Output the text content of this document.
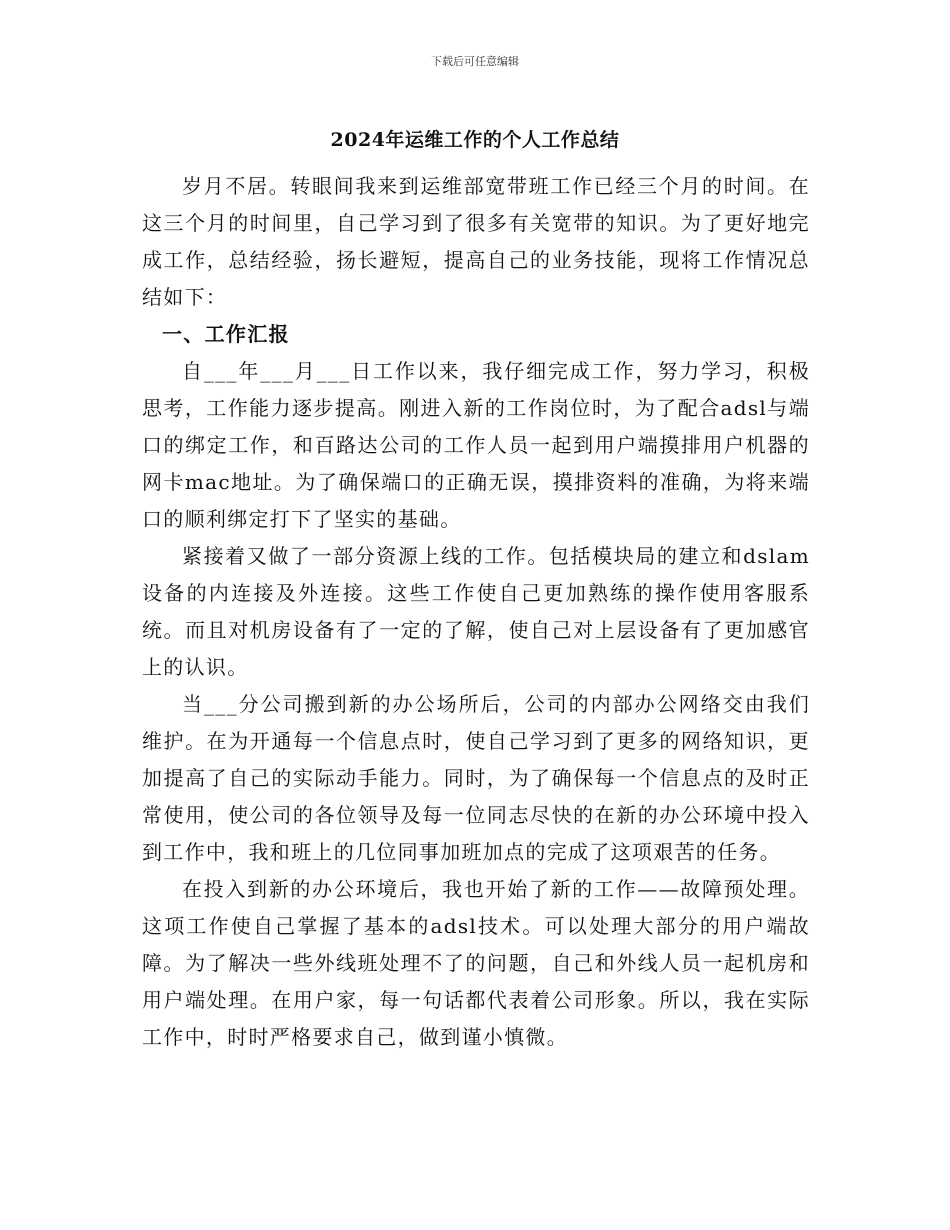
下载后可任意编辑
2024年运维工作的个人工作总结

岁月不居。转眼间我来到运维部宽带班工作已经三个月的时间。在这三个月的时间里，自己学习到了很多有关宽带的知识。为了更好地完成工作，总结经验，扬长避短，提高自己的业务技能，现将工作情况总结如下：

一、工作汇报

自___年___月___日工作以来，我仔细完成工作，努力学习，积极思考，工作能力逐步提高。刚进入新的工作岗位时，为了配合adsl与端口的绑定工作，和百路达公司的工作人员一起到用户端摸排用户机器的网卡mac地址。为了确保端口的正确无误，摸排资料的准确，为将来端口的顺利绑定打下了坚实的基础。

紧接着又做了一部分资源上线的工作。包括模块局的建立和dslam设备的内连接及外连接。这些工作使自己更加熟练的操作使用客服系统。而且对机房设备有了一定的了解，使自己对上层设备有了更加感官上的认识。

当___分公司搬到新的办公场所后，公司的内部办公网络交由我们维护。在为开通每一个信息点时，使自己学习到了更多的网络知识，更加提高了自己的实际动手能力。同时，为了确保每一个信息点的及时正常使用，使公司的各位领导及每一位同志尽快的在新的办公环境中投入到工作中，我和班上的几位同事加班加点的完成了这项艰苦的任务。

在投入到新的办公环境后，我也开始了新的工作——故障预处理。这项工作使自己掌握了基本的adsl技术。可以处理大部分的用户端故障。为了解决一些外线班处理不了的问题，自己和外线人员一起机房和用户端处理。在用户家，每一句话都代表着公司形象。所以，我在实际工作中，时时严格要求自己，做到谨小慎微。
